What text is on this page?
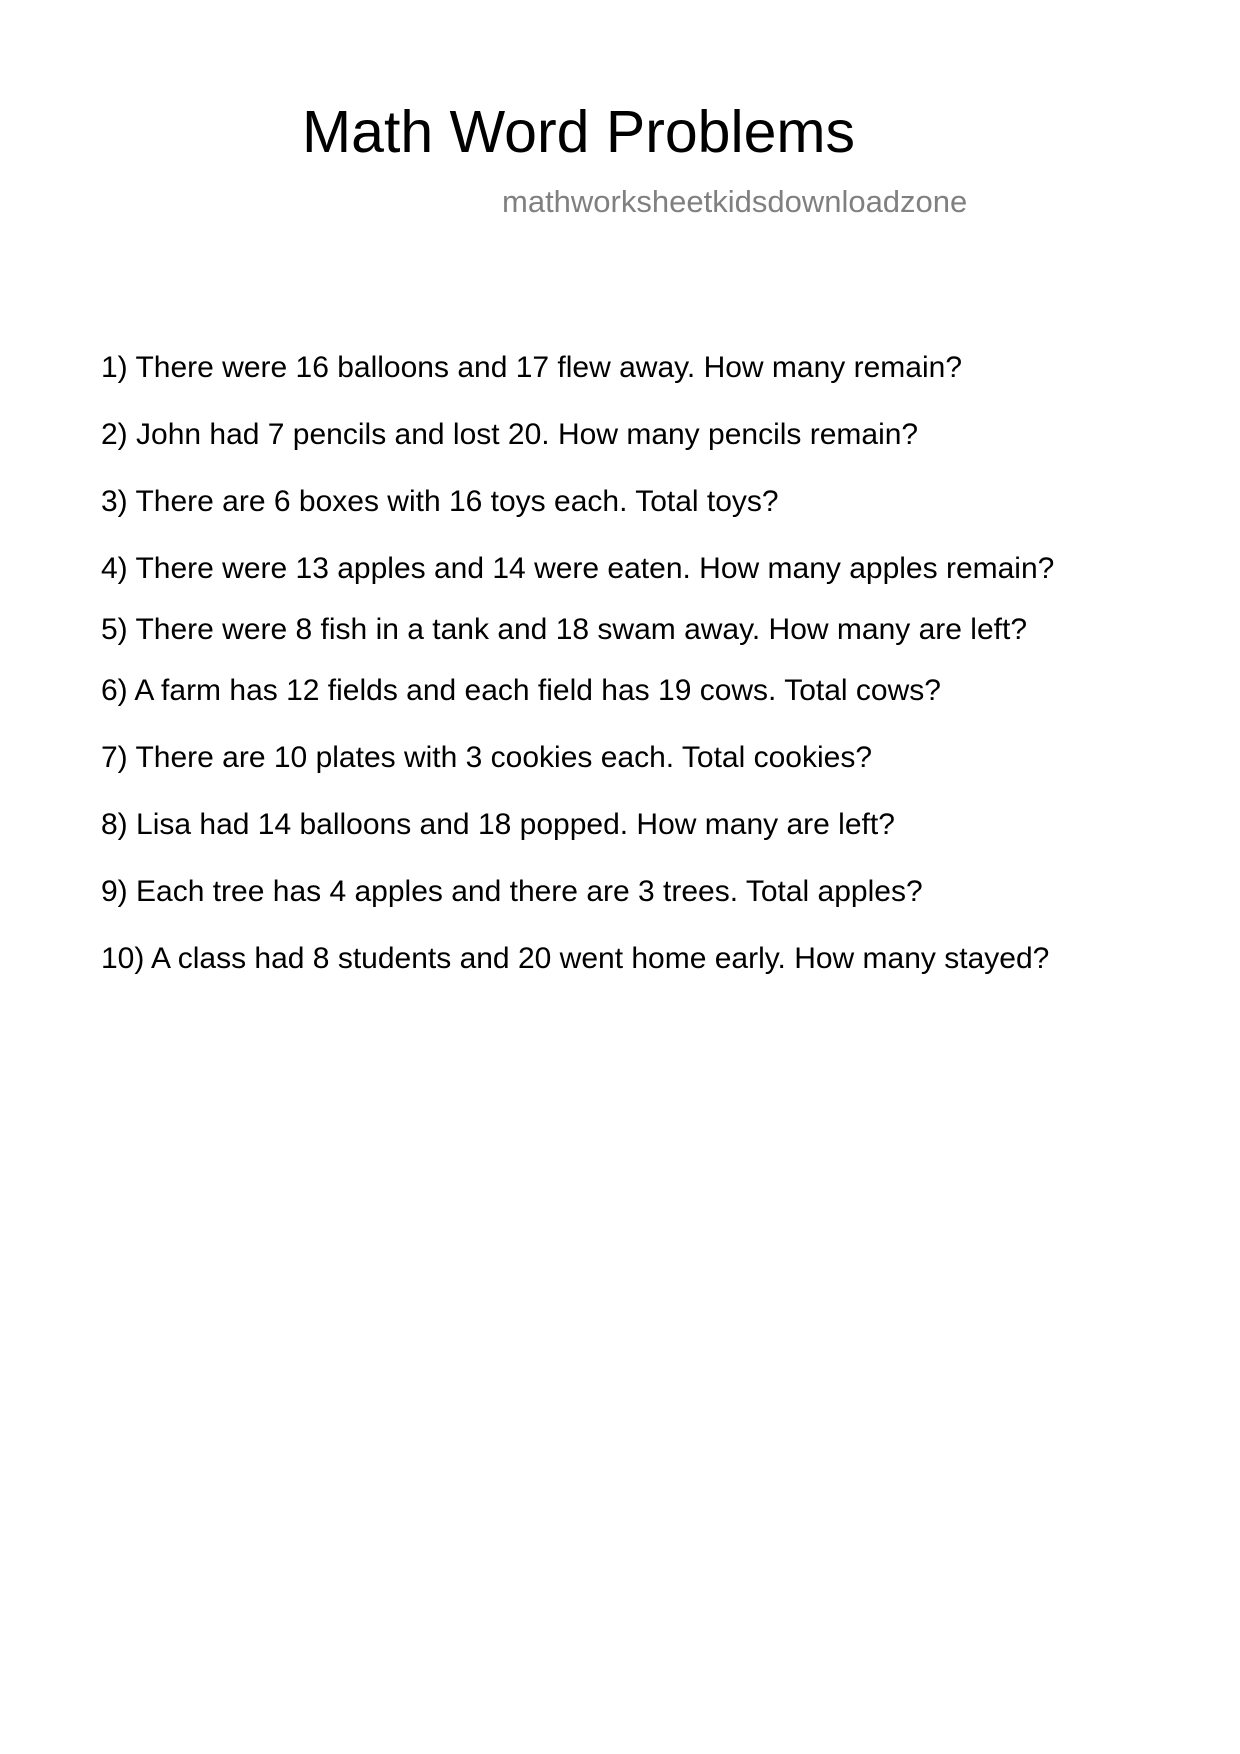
Math Word Problems
mathworksheetkidsdownloadzone
1) There were 16 balloons and 17 flew away. How many remain?
2) John had 7 pencils and lost 20. How many pencils remain?
3) There are 6 boxes with 16 toys each. Total toys?
4) There were 13 apples and 14 were eaten. How many apples remain?
5) There were 8 fish in a tank and 18 swam away. How many are left?
6) A farm has 12 fields and each field has 19 cows. Total cows?
7) There are 10 plates with 3 cookies each. Total cookies?
8) Lisa had 14 balloons and 18 popped. How many are left?
9) Each tree has 4 apples and there are 3 trees. Total apples?
10) A class had 8 students and 20 went home early. How many stayed?
